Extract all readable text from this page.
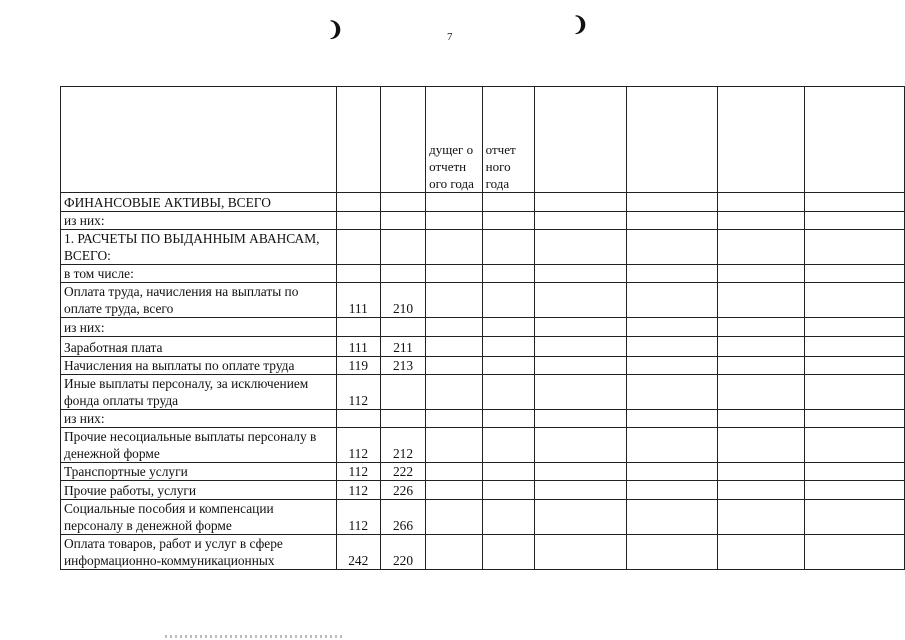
❩	7
❩
			дущег о отчетн ого года	отчет ного года				
ФИНАНСОВЫЕ АКТИВЫ, ВСЕГО								
из них:								
1. РАСЧЕТЫ ПО ВЫДАННЫМ АВАНСАМ, ВСЕГО:								
в том числе:								
Оплата труда, начисления на выплаты по оплате труда, всего	111	210						
из них:								
Заработная плата	111	211						
Начисления на выплаты по оплате труда	119	213						
Иные выплаты персоналу, за исключением фонда оплаты труда	112							
из них:								
Прочие несоциальные выплаты персоналу в денежной форме	112	212						
Транспортные услуги	112	222						
Прочие работы, услуги	112	226						
Социальные пособия и компенсации персоналу в денежной форме	112	266						
Оплата товаров, работ и услуг в сфере информационно-коммуникационных	242	220						
